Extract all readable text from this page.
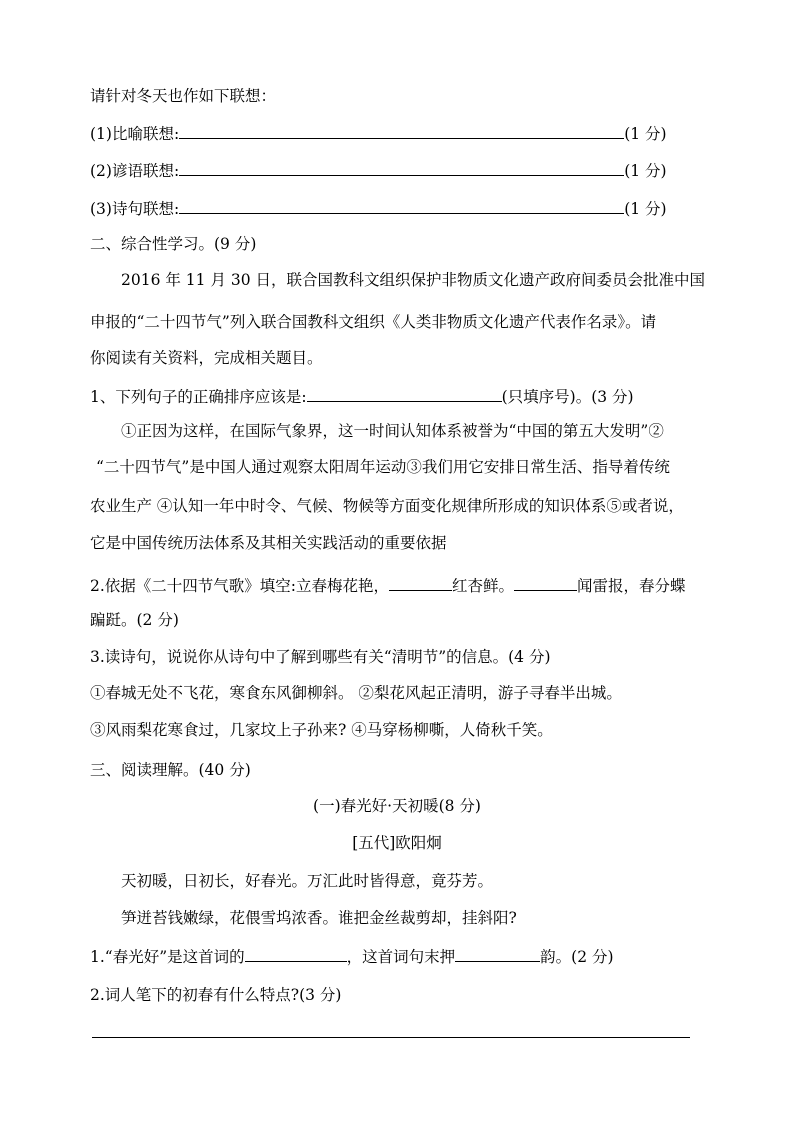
请针对冬天也作如下联想：
(1)比喻联想:	(1 分)
(2)谚语联想:	(1 分)
(3)诗句联想:	(1 分)
二、综合性学习。(9 分)
2016 年 11 月 30 日，联合国教科文组织保护非物质文化遗产政府间委员会批准中国
申报的“二十四节气”列入联合国教科文组织《人类非物质文化遗产代表作名录》。请
你阅读有关资料，完成相关题目。
1、下列句子的正确排序应该是:	(只填序号)。(3 分)
①正因为这样，在国际气象界，这一时间认知体系被誉为“中国的第五大发明”②
“二十四节气”是中国人通过观察太阳周年运动③我们用它安排日常生活、指导着传统
农业生产 ④认知一年中时令、气候、物候等方面变化规律所形成的知识体系⑤或者说，
它是中国传统历法体系及其相关实践活动的重要依据
2.依据《二十四节气歌》填空:立春梅花艳，	红杏鲜。	闻雷报，春分蝶
蹁跹。(2 分)
3.读诗句，说说你从诗句中了解到哪些有关“清明节”的信息。(4 分)
①春城无处不飞花，寒食东风御柳斜。 ②梨花风起正清明，游子寻春半出城。
③风雨梨花寒食过，几家坟上子孙来? ④马穿杨柳嘶，人倚秋千笑。
三、阅读理解。(40 分)
(一)春光好·天初暖(8 分)
[五代]欧阳炯
天初暖，日初长，好春光。万汇此时皆得意，竟芬芳。
笋迸苔钱嫩绿，花偎雪坞浓香。谁把金丝裁剪却，挂斜阳?
1.“春光好”是这首词的	，这首词句末押	韵。(2 分)
2.词人笔下的初春有什么特点?(3 分)
